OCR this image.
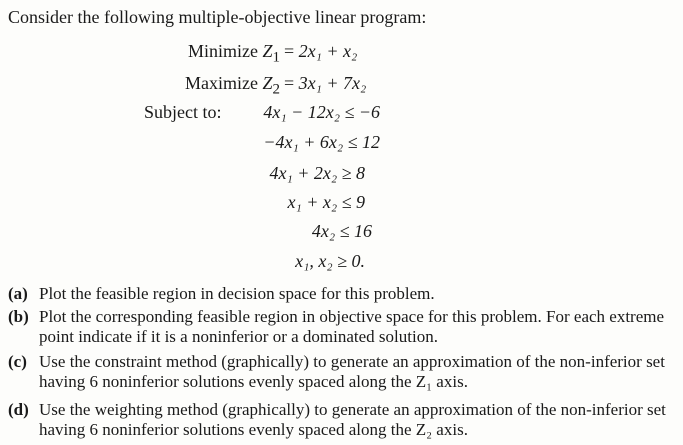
Consider the following multiple-objective linear program:
Minimize $Z_1 = 2x_1 + x_2$
Maximize $Z_2 = 3x_1 + 7x_2$
Subject to:	4x₁ − 12x₂ ≤ −6
−4x₁ + 6x₂ ≤ 12
4x₁ + 2x₂ ≥ 8
x₁ + x₂ ≤ 9
4x₂ ≤ 16
x₁, x₂ ≥ 0.
(a) Plot the feasible region in decision space for this problem.
(b) Plot the corresponding feasible region in objective space for this problem. For each extreme point indicate if it is a noninferior or a dominated solution.
(c) Use the constraint method (graphically) to generate an approximation of the non-inferior set having 6 noninferior solutions evenly spaced along the Z₁ axis.
(d) Use the weighting method (graphically) to generate an approximation of the non-inferior set having 6 noninferior solutions evenly spaced along the Z₂ axis.
